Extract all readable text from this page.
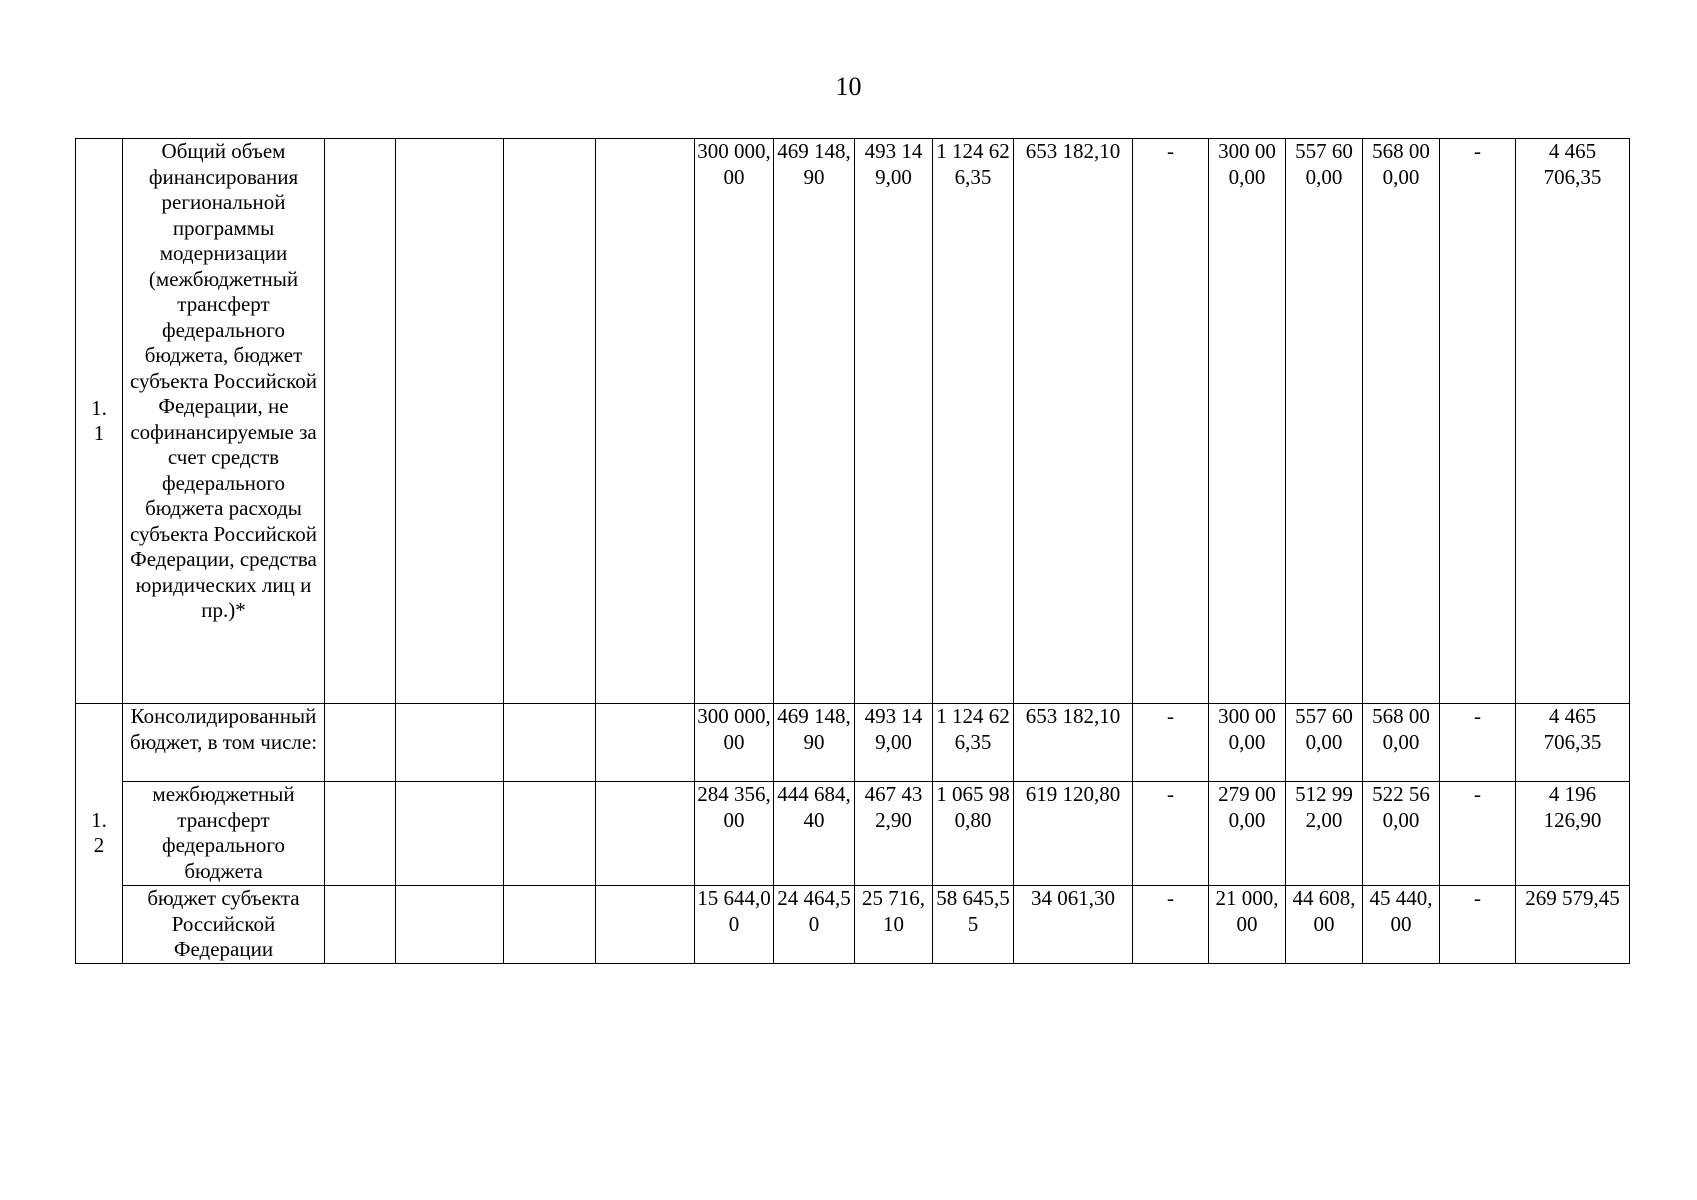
10
1.
1	Общий объем финансирования региональной программы модернизации (межбюджетный трансферт федерального бюджета, бюджет субъекта Российской Федерации, не софинансируемые за счет средств федерального бюджета расходы субъекта Российской Федерации, средства юридических лиц и пр.)*					300 000,00	469 148,90	493 149,00	1 124 626,35	653 182,10	-	300 000,00	557 600,00	568 000,00	-	4 465 706,35
1.
2	Консолидированный бюджет, в том числе:					300 000,00	469 148,90	493 149,00	1 124 626,35	653 182,10	-	300 000,00	557 600,00	568 000,00	-	4 465 706,35
	межбюджетный трансферт федерального бюджета					284 356,00	444 684,40	467 432,90	1 065 980,80	619 120,80	-	279 000,00	512 992,00	522 560,00	-	4 196 126,90
	бюджет субъекта Российской Федерации					15 644,00	24 464,50	25 716,10	58 645,55	34 061,30	-	21 000,00	44 608,00	45 440,00	-	269 579,45
